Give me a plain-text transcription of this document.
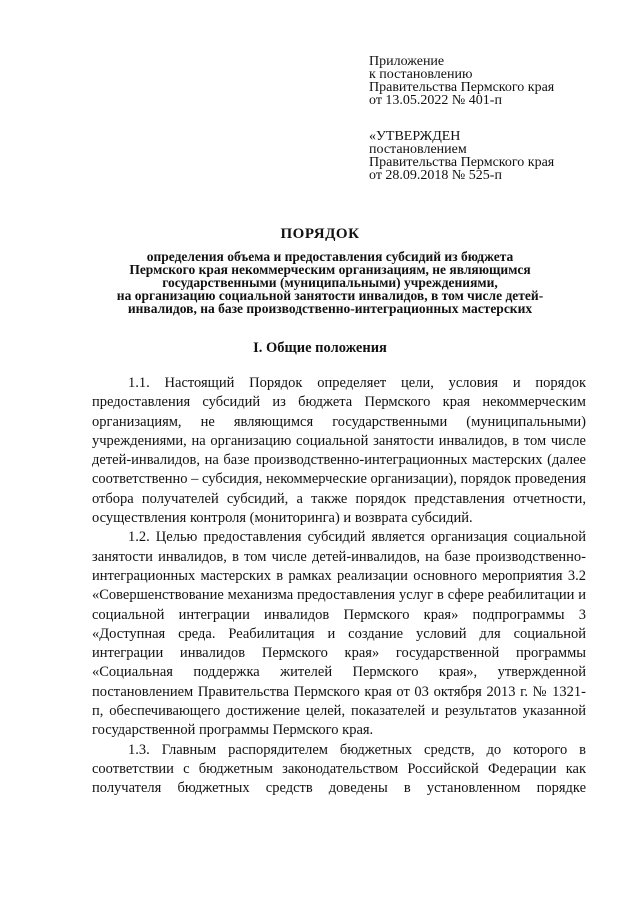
Приложение
к постановлению
Правительства Пермского края
от 13.05.2022 № 401-п
«УТВЕРЖДЕН
постановлением
Правительства Пермского края
от 28.09.2018 № 525-п
ПОРЯДОК
определения объема и предоставления субсидий из бюджета
Пермского края некоммерческим организациям, не являющимся
государственными (муниципальными) учреждениями,
на организацию социальной занятости инвалидов, в том числе детей-
инвалидов, на базе производственно-интеграционных мастерских
I. Общие положения

1.1. Настоящий Порядок определяет цели, условия и порядок предоставления субсидий из бюджета Пермского края некоммерческим организациям, не являющимся государственными (муниципальными) учреждениями, на организацию социальной занятости инвалидов, в том числе детей-инвалидов, на базе производственно-интеграционных мастерских (далее соответственно – субсидия, некоммерческие организации), порядок проведения отбора получателей субсидий, а также порядок представления отчетности, осуществления контроля (мониторинга) и возврата субсидий.

1.2. Целью предоставления субсидий является организация социальной занятости инвалидов, в том числе детей-инвалидов, на базе производственно-интеграционных мастерских в рамках реализации основного мероприятия 3.2 «Совершенствование механизма предоставления услуг в сфере реабилитации и социальной интеграции инвалидов Пермского края» подпрограммы 3 «Доступная среда. Реабилитация и создание условий для социальной интеграции инвалидов Пермского края» государственной программы «Социальная поддержка жителей Пермского края», утвержденной постановлением Правительства Пермского края от 03 октября 2013 г. № 1321-п, обеспечивающего достижение целей, показателей и результатов указанной государственной программы Пермского края.

1.3. Главным распорядителем бюджетных средств, до которого в соответствии с бюджетным законодательством Российской Федерации как получателя бюджетных средств доведены в установленном порядке
